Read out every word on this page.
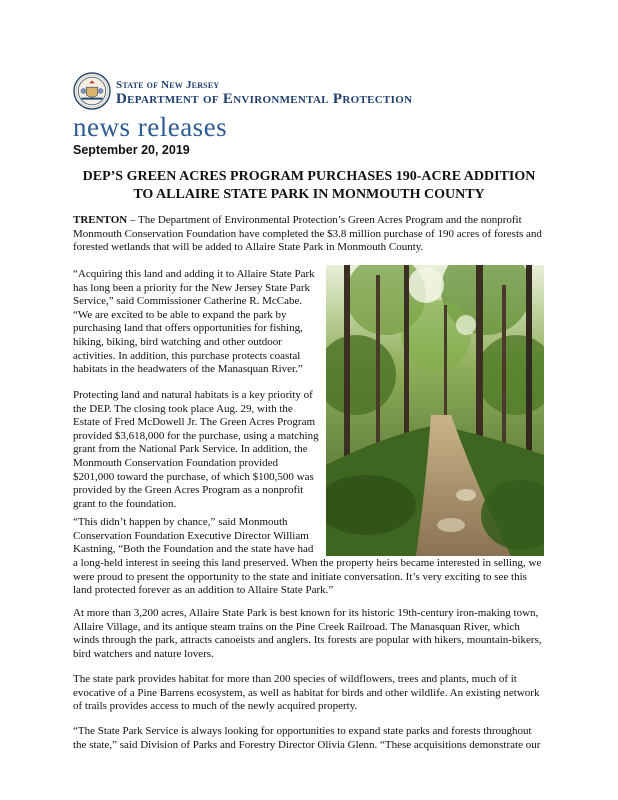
State of New Jersey
Department of Environmental Protection
news releases
September 20, 2019
DEP’S GREEN ACRES PROGRAM PURCHASES 190-ACRE ADDITION
TO ALLAIRE STATE PARK IN MONMOUTH COUNTY
TRENTON – The Department of Environmental Protection’s Green Acres Program and the nonprofit Monmouth Conservation Foundation have completed the $3.8 million purchase of 190 acres of forests and forested wetlands that will be added to Allaire State Park in Monmouth County.
“Acquiring this land and adding it to Allaire State Park has long been a priority for the New Jersey State Park Service,” said Commissioner Catherine R. McCabe. “We are excited to be able to expand the park by purchasing land that offers opportunities for fishing, hiking, biking, bird watching and other outdoor activities. In addition, this purchase protects coastal habitats in the headwaters of the Manasquan River.”
Protecting land and natural habitats is a key priority of the DEP. The closing took place Aug. 29, with the Estate of Fred McDowell Jr. The Green Acres Program provided $3,618,000 for the purchase, using a matching grant from the National Park Service. In addition, the Monmouth Conservation Foundation provided $201,000 toward the purchase, of which $100,500 was provided by the Green Acres Program as a nonprofit grant to the foundation.
“This didn’t happen by chance,” said Monmouth Conservation Foundation Executive Director William Kastning, “Both the Foundation and the state have had
a long-held interest in seeing this land preserved. When the property heirs became interested in selling, we were proud to present the opportunity to the state and initiate conversation. It’s very exciting to see this land protected forever as an addition to Allaire State Park.”
At more than 3,200 acres, Allaire State Park is best known for its historic 19th-century iron-making town, Allaire Village, and its antique steam trains on the Pine Creek Railroad. The Manasquan River, which winds through the park, attracts canoeists and anglers. Its forests are popular with hikers, mountain-bikers, bird watchers and nature lovers.
The state park provides habitat for more than 200 species of wildflowers, trees and plants, much of it evocative of a Pine Barrens ecosystem, as well as habitat for birds and other wildlife. An existing network of trails provides access to much of the newly acquired property.
“The State Park Service is always looking for opportunities to expand state parks and forests throughout the state,” said Division of Parks and Forestry Director Olivia Glenn. “These acquisitions demonstrate our
